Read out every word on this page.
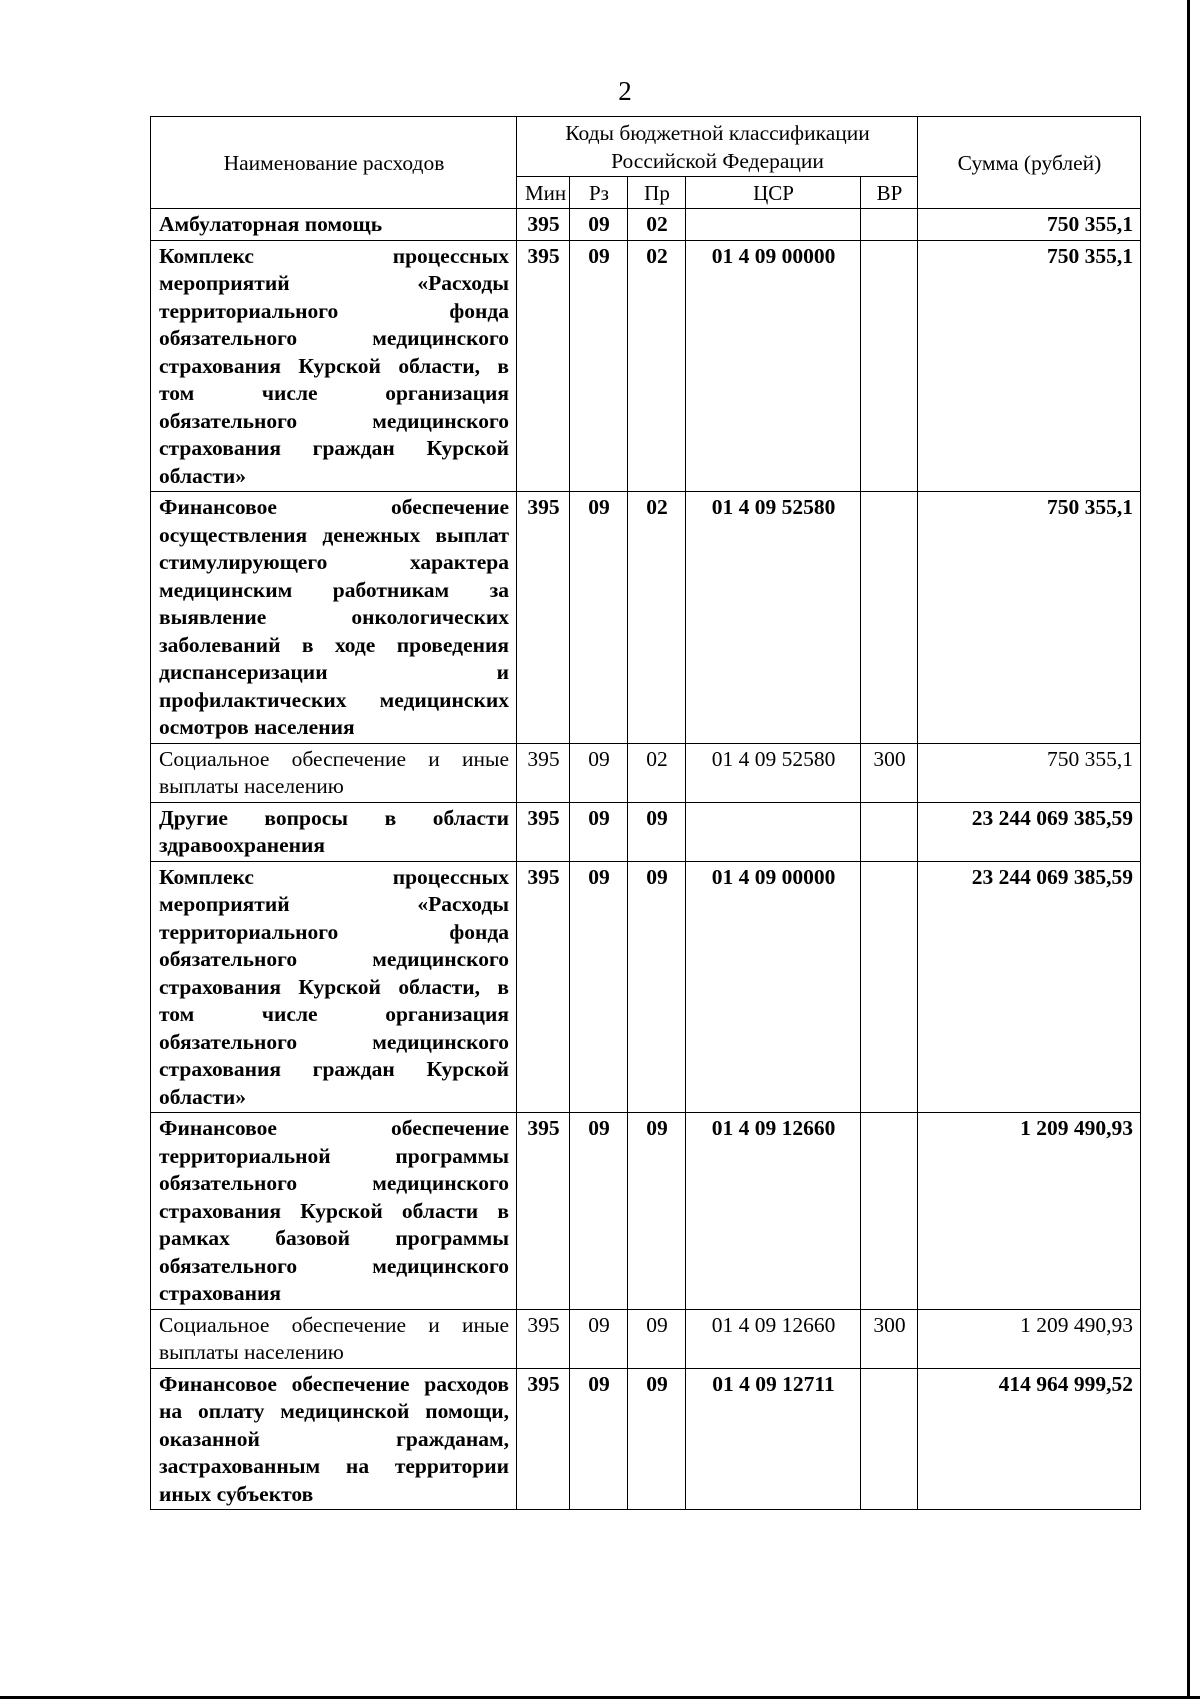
2
Наименование расходов	Коды бюджетной классификации Российской Федерации					Сумма (рублей)
	Мин	Рз	Пр	ЦСР	ВР	
Амбулаторная помощь	395	09	02			750 355,1
Комплекс процессных мероприятий «Расходы территориального фонда обязательного медицинского страхования Курской области, в том числе организация обязательного медицинского страхования граждан Курской области»	395	09	02	01 4 09 00000		750 355,1
Финансовое обеспечение осуществления денежных выплат стимулирующего характера медицинским работникам за выявление онкологических заболеваний в ходе проведения диспансеризации и профилактических медицинских осмотров населения	395	09	02	01 4 09 52580		750 355,1
Социальное обеспечение и иные выплаты населению	395	09	02	01 4 09 52580	300	750 355,1
Другие вопросы в области здравоохранения	395	09	09			23 244 069 385,59
Комплекс процессных мероприятий «Расходы территориального фонда обязательного медицинского страхования Курской области, в том числе организация обязательного медицинского страхования граждан Курской области»	395	09	09	01 4 09 00000		23 244 069 385,59
Финансовое обеспечение территориальной программы обязательного медицинского страхования Курской области в рамках базовой программы обязательного медицинского страхования	395	09	09	01 4 09 12660		1 209 490,93
Социальное обеспечение и иные выплаты населению	395	09	09	01 4 09 12660	300	1 209 490,93
Финансовое обеспечение расходов на оплату медицинской помощи, оказанной гражданам, застрахованным на территории иных субъектов	395	09	09	01 4 09 12711		414 964 999,52
